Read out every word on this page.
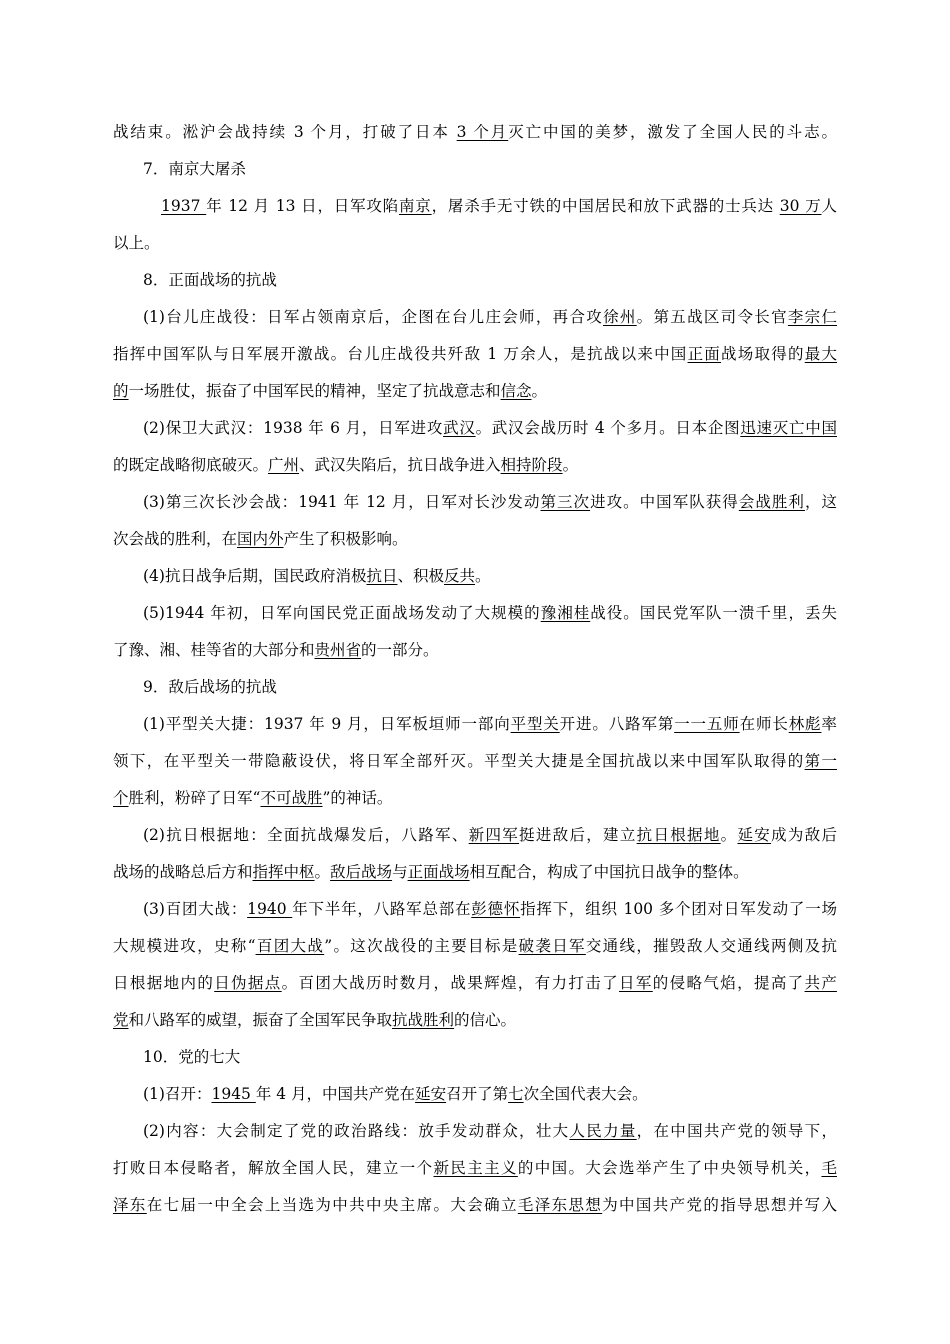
战结束。淞沪会战持续 3 个月，打破了日本 3 个月灭亡中国的美梦，激发了全国人民的斗志。
7．南京大屠杀
1937 年 12 月 13 日，日军攻陷南京，屠杀手无寸铁的中国居民和放下武器的士兵达 30 万人
以上。
8．正面战场的抗战
(1)台儿庄战役：日军占领南京后，企图在台儿庄会师，再合攻徐州。第五战区司令长官李宗仁
指挥中国军队与日军展开激战。台儿庄战役共歼敌 1 万余人，是抗战以来中国正面战场取得的最大
的一场胜仗，振奋了中国军民的精神，坚定了抗战意志和信念。
(2)保卫大武汉：1938 年 6 月，日军进攻武汉。武汉会战历时 4 个多月。日本企图迅速灭亡中国
的既定战略彻底破灭。广州、武汉失陷后，抗日战争进入相持阶段。
(3)第三次长沙会战：1941 年 12 月，日军对长沙发动第三次进攻。中国军队获得会战胜利，这
次会战的胜利，在国内外产生了积极影响。
(4)抗日战争后期，国民政府消极抗日、积极反共。
(5)1944 年初，日军向国民党正面战场发动了大规模的豫湘桂战役。国民党军队一溃千里，丢失
了豫、湘、桂等省的大部分和贵州省的一部分。
9．敌后战场的抗战
(1)平型关大捷：1937 年 9 月，日军板垣师一部向平型关开进。八路军第一一五师在师长林彪率
领下，在平型关一带隐蔽设伏，将日军全部歼灭。平型关大捷是全国抗战以来中国军队取得的第一
个胜利，粉碎了日军“不可战胜”的神话。
(2)抗日根据地：全面抗战爆发后，八路军、新四军挺进敌后，建立抗日根据地。延安成为敌后
战场的战略总后方和指挥中枢。敌后战场与正面战场相互配合，构成了中国抗日战争的整体。
(3)百团大战：1940 年下半年，八路军总部在彭德怀指挥下，组织 100 多个团对日军发动了一场
大规模进攻，史称“百团大战”。这次战役的主要目标是破袭日军交通线，摧毁敌人交通线两侧及抗
日根据地内的日伪据点。百团大战历时数月，战果辉煌，有力打击了日军的侵略气焰，提高了共产
党和八路军的威望，振奋了全国军民争取抗战胜利的信心。
10．党的七大
(1)召开：1945 年 4 月，中国共产党在延安召开了第七次全国代表大会。
(2)内容：大会制定了党的政治路线：放手发动群众，壮大人民力量，在中国共产党的领导下，
打败日本侵略者，解放全国人民，建立一个新民主主义的中国。大会选举产生了中央领导机关，毛
泽东在七届一中全会上当选为中共中央主席。大会确立毛泽东思想为中国共产党的指导思想并写入
